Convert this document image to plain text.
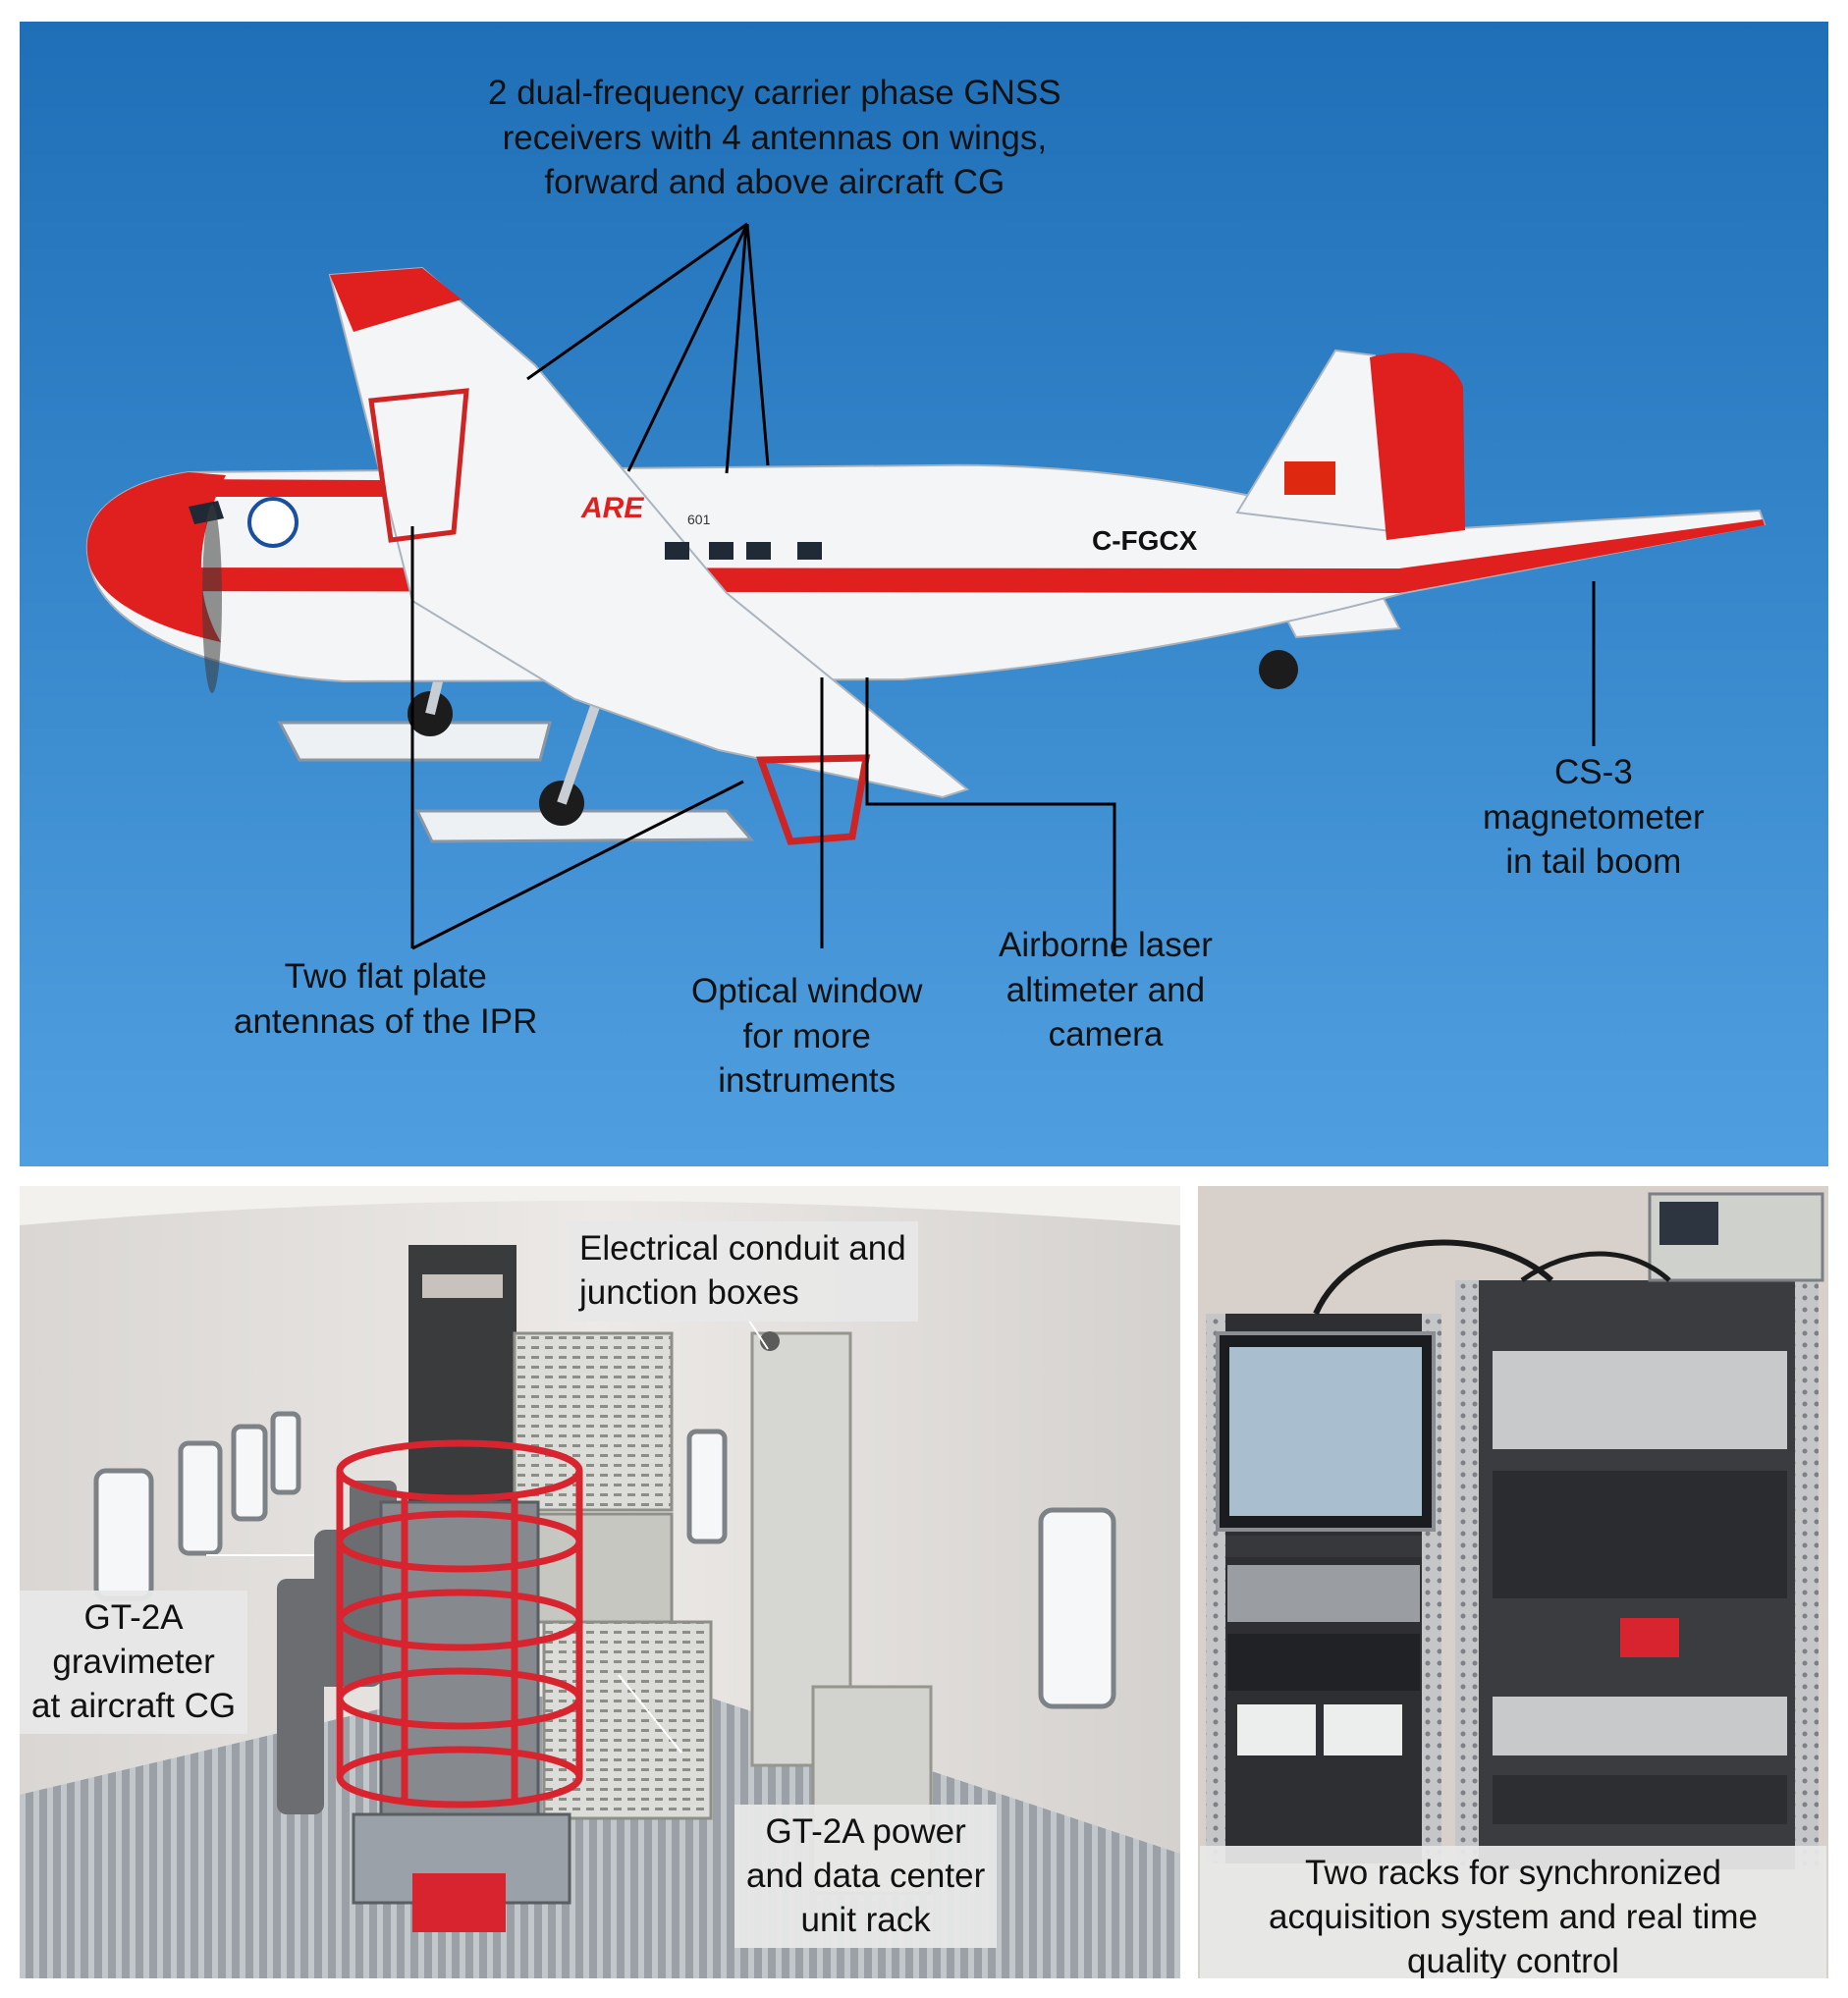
ARE	601
C-FGCX
2 dual-frequency carrier phase GNSS
receivers with 4 antennas on wings,
forward and above aircraft CG
Two flat plate
antennas of the IPR
Optical window
for more
instruments
Airborne laser
altimeter and
camera
CS-3
magnetometer
in tail boom
Electrical conduit and
junction boxes
GT-2A
gravimeter
at aircraft CG
GT-2A power
and data center
unit rack
Two racks for synchronized
acquisition system and real time
quality control
